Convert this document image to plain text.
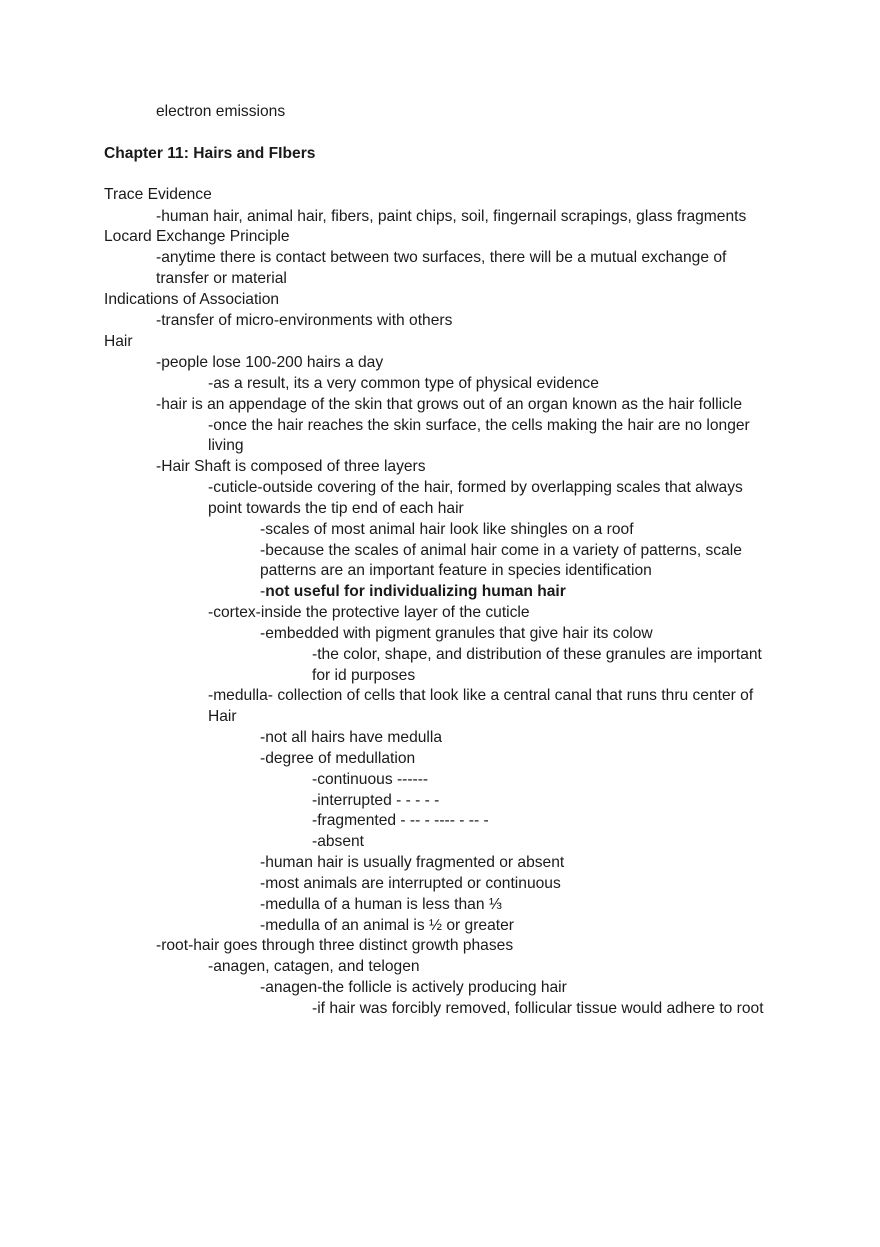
electron emissions

Chapter 11: Hairs and FIbers

Trace Evidence

-human hair, animal hair, fibers, paint chips, soil, fingernail scrapings, glass fragments

Locard Exchange Principle

-anytime there is contact between two surfaces, there will be a mutual exchange of

transfer or material

Indications of Association

-transfer of micro-environments with others

Hair

-people lose 100-200 hairs a day

-as a result, its a very common type of physical evidence

-hair is an appendage of the skin that grows out of an organ known as the hair follicle

-once the hair reaches the skin surface, the cells making the hair are no longer

living

-Hair Shaft is composed of three layers

-cuticle-outside covering of the hair, formed by overlapping scales that always

point towards the tip end of each hair

-scales of most animal hair look like shingles on a roof

-because the scales of animal hair come in a variety of patterns, scale

patterns are an important feature in species identification

-not useful for individualizing human hair

-cortex-inside the protective layer of the cuticle

-embedded with pigment granules that give hair its colow

-the color, shape, and distribution of these granules are important

for id purposes

-medulla- collection of cells that look like a central canal that runs thru center of

Hair

-not all hairs have medulla

-degree of medullation

-continuous ------

-interrupted - - - - -

-fragmented - -- - ---- - -- -

-absent

-human hair is usually fragmented or absent

-most animals are interrupted or continuous

-medulla of a human is less than ⅓

-medulla of an animal is ½ or greater

-root-hair goes through three distinct growth phases

-anagen, catagen, and telogen

-anagen-the follicle is actively producing hair

-if hair was forcibly removed, follicular tissue would adhere to root
